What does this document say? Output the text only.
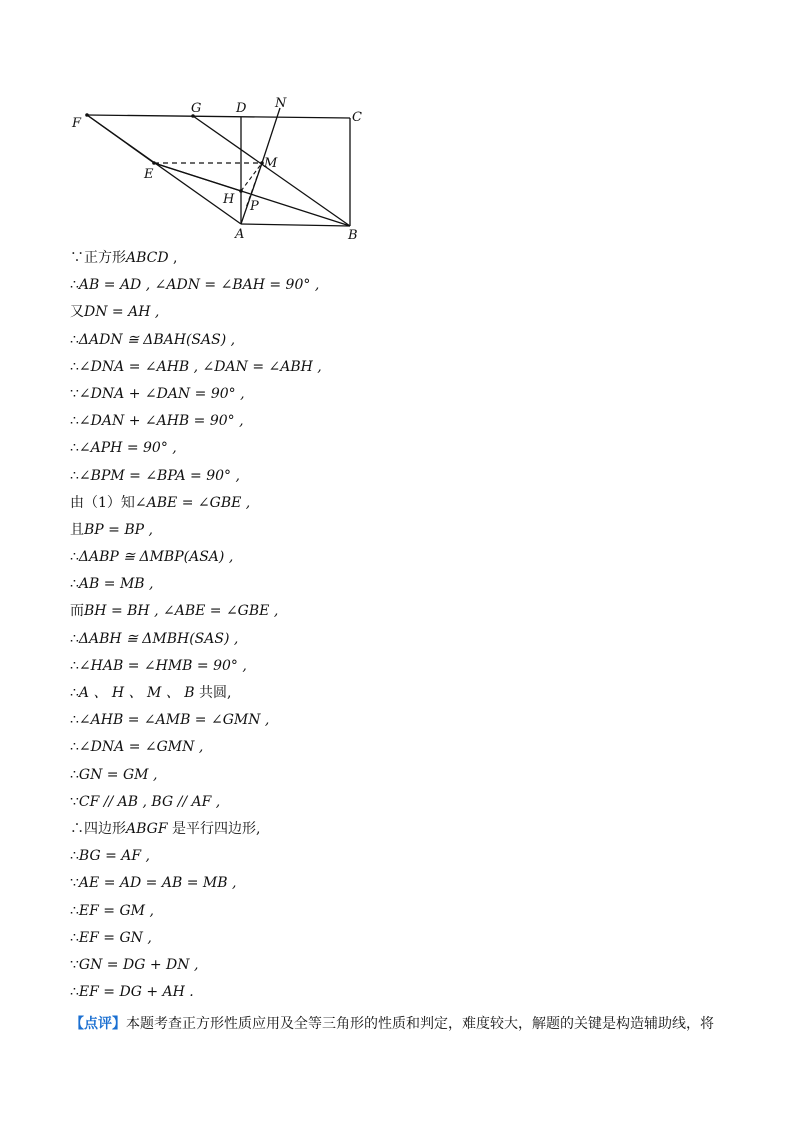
F
G	D N
C
M
E
H P
A	B
∵正方形ABCD ,
∴AB = AD , ∠ADN = ∠BAH = 90° ,
又DN = AH ,
∴ΔADN ≅ ΔBAH(SAS) ,
∴∠DNA = ∠AHB , ∠DAN = ∠ABH ,
∵∠DNA + ∠DAN = 90° ,
∴∠DAN + ∠AHB = 90° ,
∴∠APH = 90° ,
∴∠BPM = ∠BPA = 90° ,
由（1）知∠ABE = ∠GBE ,
且BP = BP ,
∴ΔABP ≅ ΔMBP(ASA) ,
∴AB = MB ,
而BH = BH , ∠ABE = ∠GBE ,
∴ΔABH ≅ ΔMBH(SAS) ,
∴∠HAB = ∠HMB = 90° ,
∴A 、 H 、 M 、 B 共圆,
∴∠AHB = ∠AMB = ∠GMN ,
∴∠DNA = ∠GMN ,
∴GN = GM ,
∵CF // AB , BG // AF ,
∴四边形ABGF 是平行四边形,
∴BG = AF ,
∵AE = AD = AB = MB ,
∴EF = GM ,
∴EF = GN ,
∵GN = DG + DN ,
∴EF = DG + AH .
【点评】本题考查正方形性质应用及全等三角形的性质和判定，难度较大，解题的关键是构造辅助线，将
